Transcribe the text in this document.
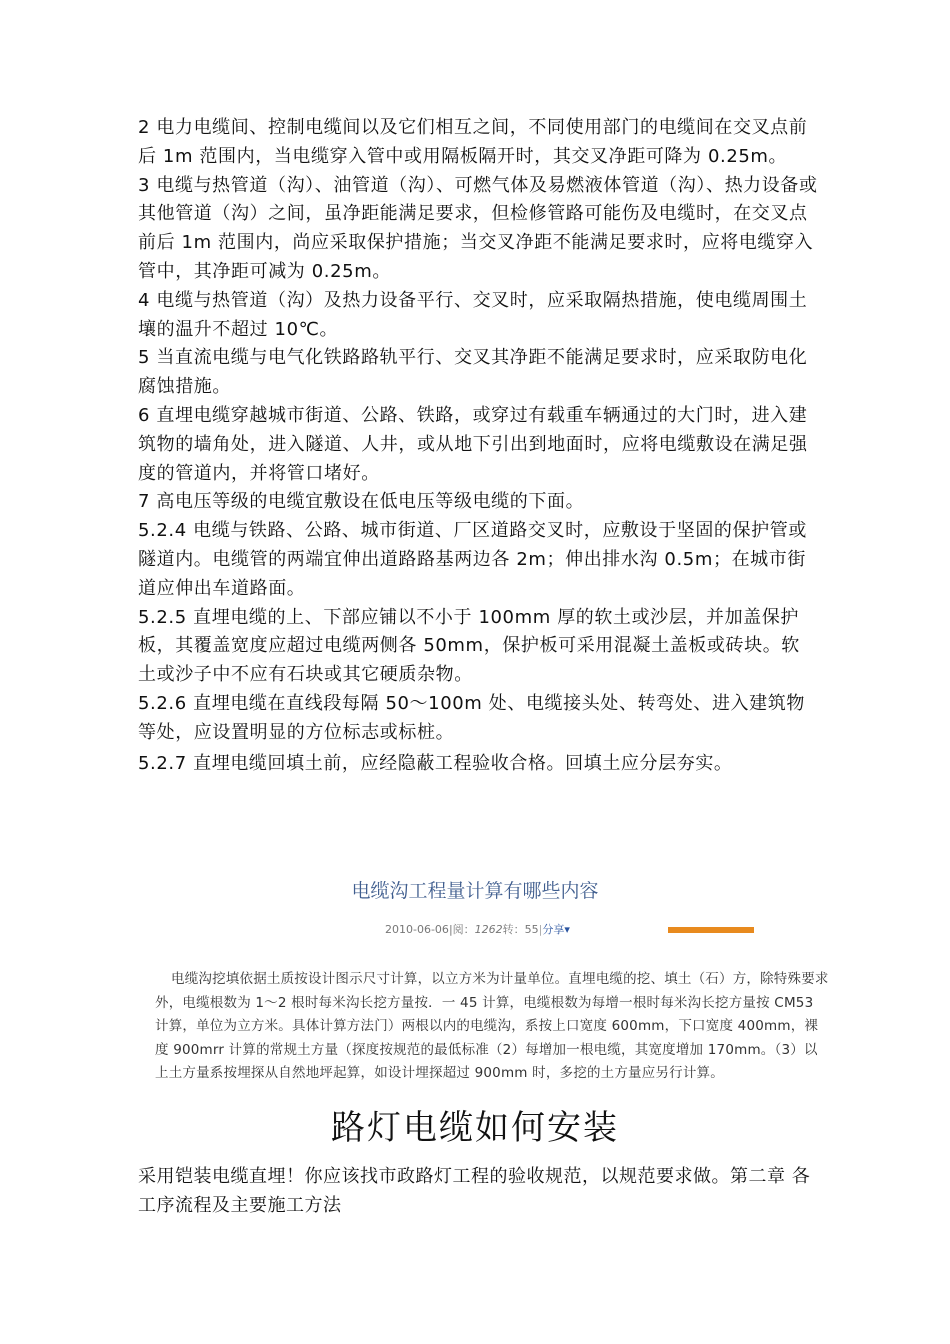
2 电力电缆间、控制电缆间以及它们相互之间，不同使用部门的电缆间在交叉点前后 1m 范围内，当电缆穿入管中或用隔板隔开时，其交叉净距可降为 0.25m。

3 电缆与热管道（沟）、油管道（沟）、可燃气体及易燃液体管道（沟）、热力设备或其他管道（沟）之间，虽净距能满足要求，但检修管路可能伤及电缆时，在交叉点前后 1m 范围内，尚应采取保护措施；当交叉净距不能满足要求时，应将电缆穿入管中，其净距可减为 0.25m。

4 电缆与热管道（沟）及热力设备平行、交叉时，应采取隔热措施，使电缆周围土壤的温升不超过 10℃。

5 当直流电缆与电气化铁路路轨平行、交叉其净距不能满足要求时，应采取防电化腐蚀措施。

6 直埋电缆穿越城市街道、公路、铁路，或穿过有载重车辆通过的大门时，进入建筑物的墙角处，进入隧道、人井，或从地下引出到地面时，应将电缆敷设在满足强度的管道内，并将管口堵好。

7 高电压等级的电缆宜敷设在低电压等级电缆的下面。

5.2.4 电缆与铁路、公路、城市街道、厂区道路交叉时，应敷设于坚固的保护管或隧道内。电缆管的两端宜伸出道路路基两边各 2m；伸出排水沟 0.5m；在城市街道应伸出车道路面。

5.2.5 直埋电缆的上、下部应铺以不小于 100mm 厚的软土或沙层，并加盖保护板，其覆盖宽度应超过电缆两侧各 50mm，保护板可采用混凝土盖板或砖块。软土或沙子中不应有石块或其它硬质杂物。

5.2.6 直埋电缆在直线段每隔 50～100m 处、电缆接头处、转弯处、进入建筑物等处，应设置明显的方位标志或标桩。

5.2.7 直埋电缆回填土前，应经隐蔽工程验收合格。回填土应分层夯实。

电缆沟工程量计算有哪些内容
2010-06-06|阅：1262转：55|分享▾

电缆沟挖填依据土质按设计图示尺寸计算，以立方米为计量单位。直埋电缆的挖、填土（石）方，除特殊要求外，电缆根数为 1～2 根时每米沟长挖方量按．一 45 计算，电缆根数为每增一根时每米沟长挖方量按 CM53 计算，单位为立方米。具体计算方法门）两根以内的电缆沟，系按上口宽度 600mm，下口宽度 400mm，裸度 900mrr 计算的常规土方量（探度按规范的最低标准（2）每增加一根电缆，其宽度增加 170mm。（3）以上土方量系按埋探从自然地坪起算，如设计埋探超过 900mm 时，多挖的土方量应另行计算。

路灯电缆如何安装

采用铠装电缆直埋！你应该找市政路灯工程的验收规范，以规范要求做。第二章 各工序流程及主要施工方法
